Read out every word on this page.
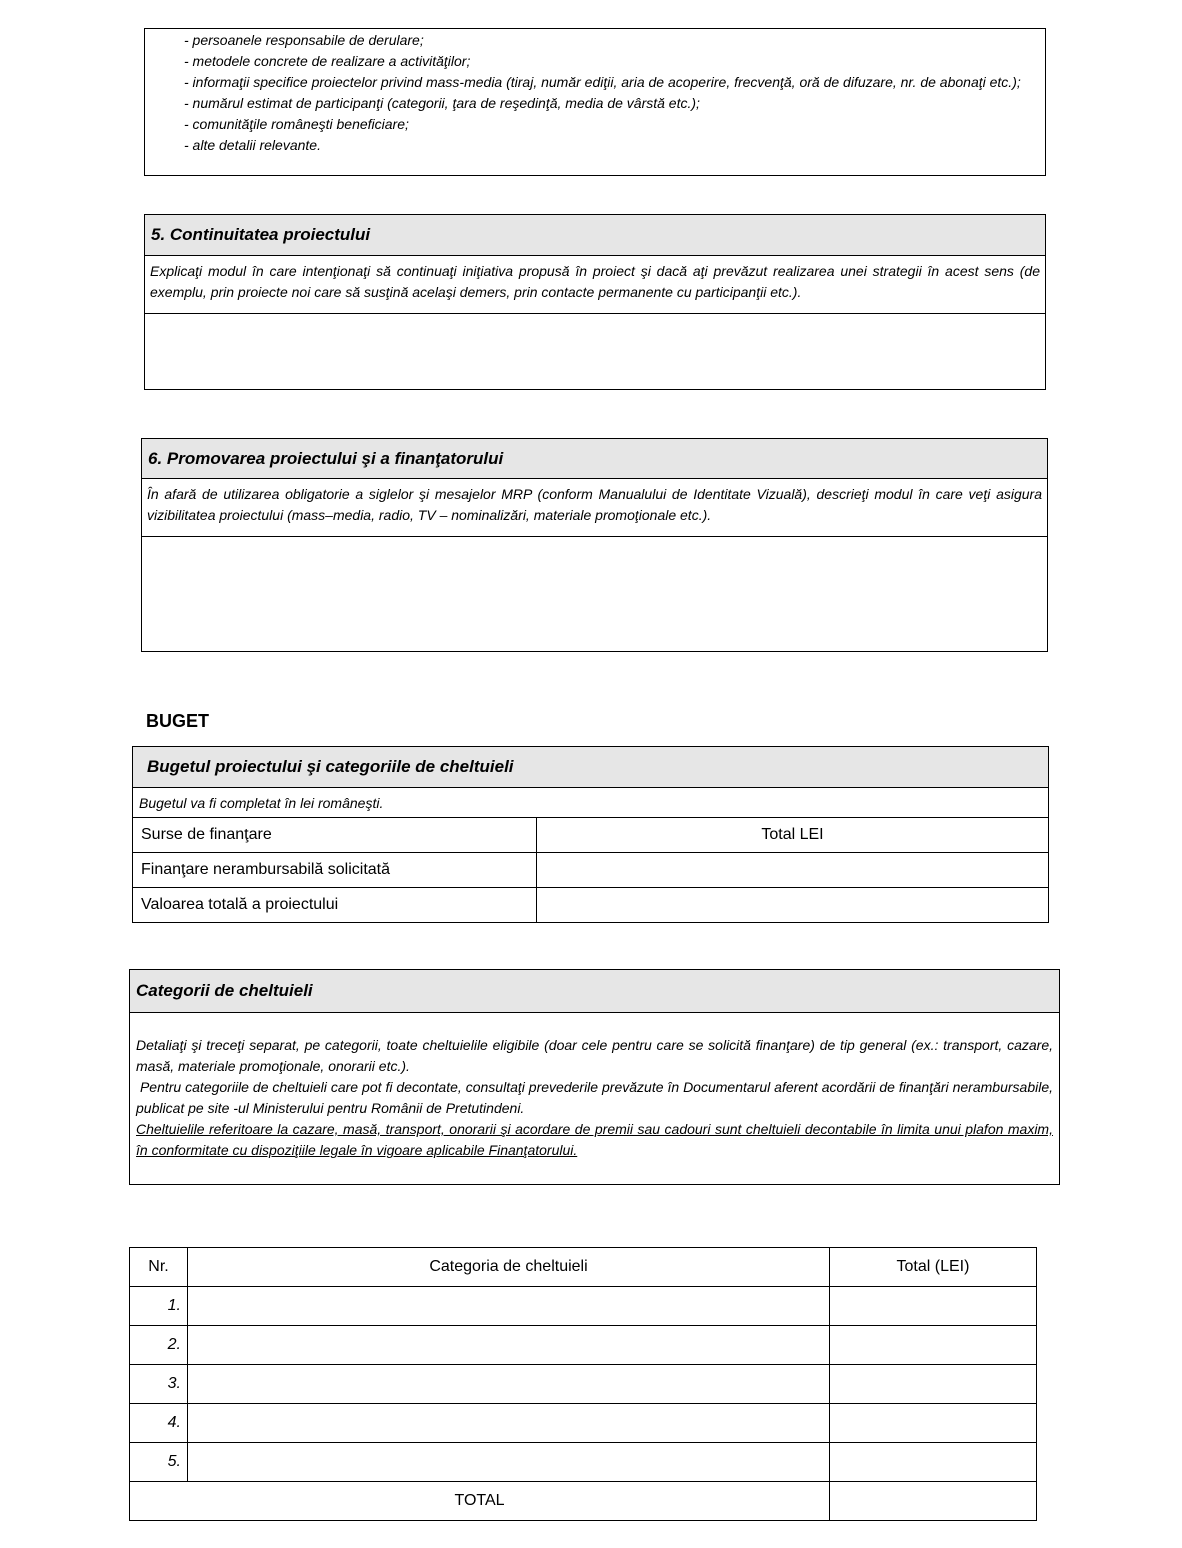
- persoanele responsabile de derulare;

- metodele concrete de realizare a activităţilor;

- informaţii specifice proiectelor privind mass-media (tiraj, număr ediţii, aria de acoperire, frecvenţă, oră de difuzare, nr. de abonaţi etc.);

- numărul estimat de participanţi (categorii, ţara de reşedinţă, media de vârstă etc.);

- comunităţile româneşti beneficiare;

- alte detalii relevante.

5. Continuitatea proiectului
Explicaţi modul în care intenţionaţi să continuaţi iniţiativa propusă în proiect şi dacă aţi prevăzut realizarea unei strategii în acest sens (de exemplu, prin proiecte noi care să susţină acelaşi demers, prin contacte permanente cu participanţii etc.).
6. Promovarea proiectului şi a finanţatorului
În afară de utilizarea obligatorie a siglelor şi mesajelor MRP (conform Manualului de Identitate Vizuală), descrieţi modul în care veţi asigura vizibilitatea proiectului (mass–media, radio, TV – nominalizări, materiale promoţionale etc.).
BUGET
Bugetul proiectului şi categoriile de cheltuieli	
Bugetul va fi completat în lei româneşti.	
Surse de finanţare	Total LEI
Finanţare nerambursabilă solicitată	
Valoarea totală a proiectului	
Categorii de cheltuieli
Detaliaţi şi treceţi separat, pe categorii, toate cheltuielile eligibile (doar cele pentru care se solicită finanţare) de tip general (ex.: transport, cazare, masă, materiale promoţionale, onorarii etc.).
Pentru categoriile de cheltuieli care pot fi decontate, consultaţi prevederile prevăzute în Documentarul aferent acordării de finanţări nerambursabile, publicat pe site -ul Ministerului pentru Românii de Pretutindeni.
Cheltuielile referitoare la cazare, masă, transport, onorarii şi acordare de premii sau cadouri sunt cheltuieli decontabile în limita unui plafon maxim, în conformitate cu dispoziţiile legale în vigoare aplicabile Finanţatorului.
Nr.	Categoria de cheltuieli	Total (LEI)
1.		
2.		
3.		
4.		
5.		
TOTAL		
